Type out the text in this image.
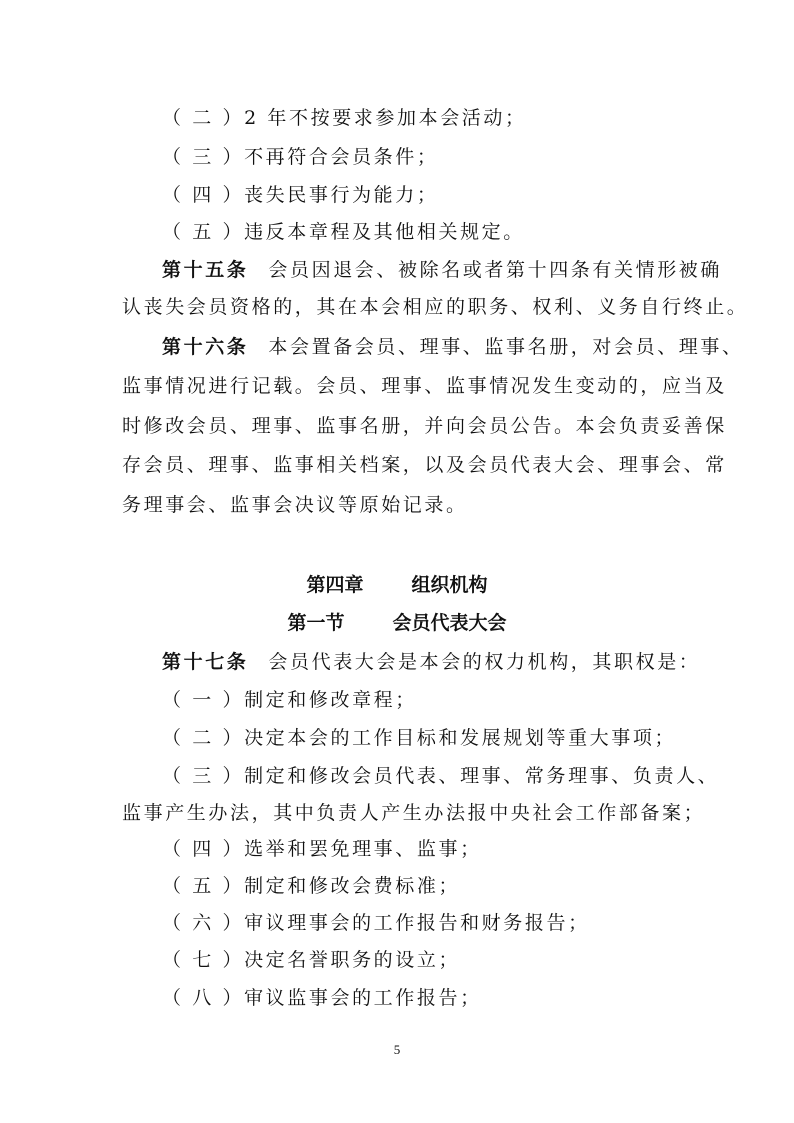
（ 二 ）2 年不按要求参加本会活动；
（ 三 ）不再符合会员条件；
（ 四 ）丧失民事行为能力；
（ 五 ）违反本章程及其他相关规定。
第十五条 会员因退会、被除名或者第十四条有关情形被确
认丧失会员资格的，其在本会相应的职务、权利、义务自行终止。
第十六条 本会置备会员、理事、监事名册，对会员、理事、
监事情况进行记载。会员、理事、监事情况发生变动的，应当及
时修改会员、理事、监事名册，并向会员公告。本会负责妥善保
存会员、理事、监事相关档案，以及会员代表大会、理事会、常
务理事会、监事会决议等原始记录。
第四章	组织机构
第一节	会员代表大会
第十七条 会员代表大会是本会的权力机构，其职权是：
（ 一 ）制定和修改章程；
（ 二 ）决定本会的工作目标和发展规划等重大事项；
（ 三 ）制定和修改会员代表、理事、常务理事、负责人、
监事产生办法，其中负责人产生办法报中央社会工作部备案；
（ 四 ）选举和罢免理事、监事；
（ 五 ）制定和修改会费标准；
（ 六 ）审议理事会的工作报告和财务报告；
（ 七 ）决定名誉职务的设立；
（ 八 ）审议监事会的工作报告；
5
